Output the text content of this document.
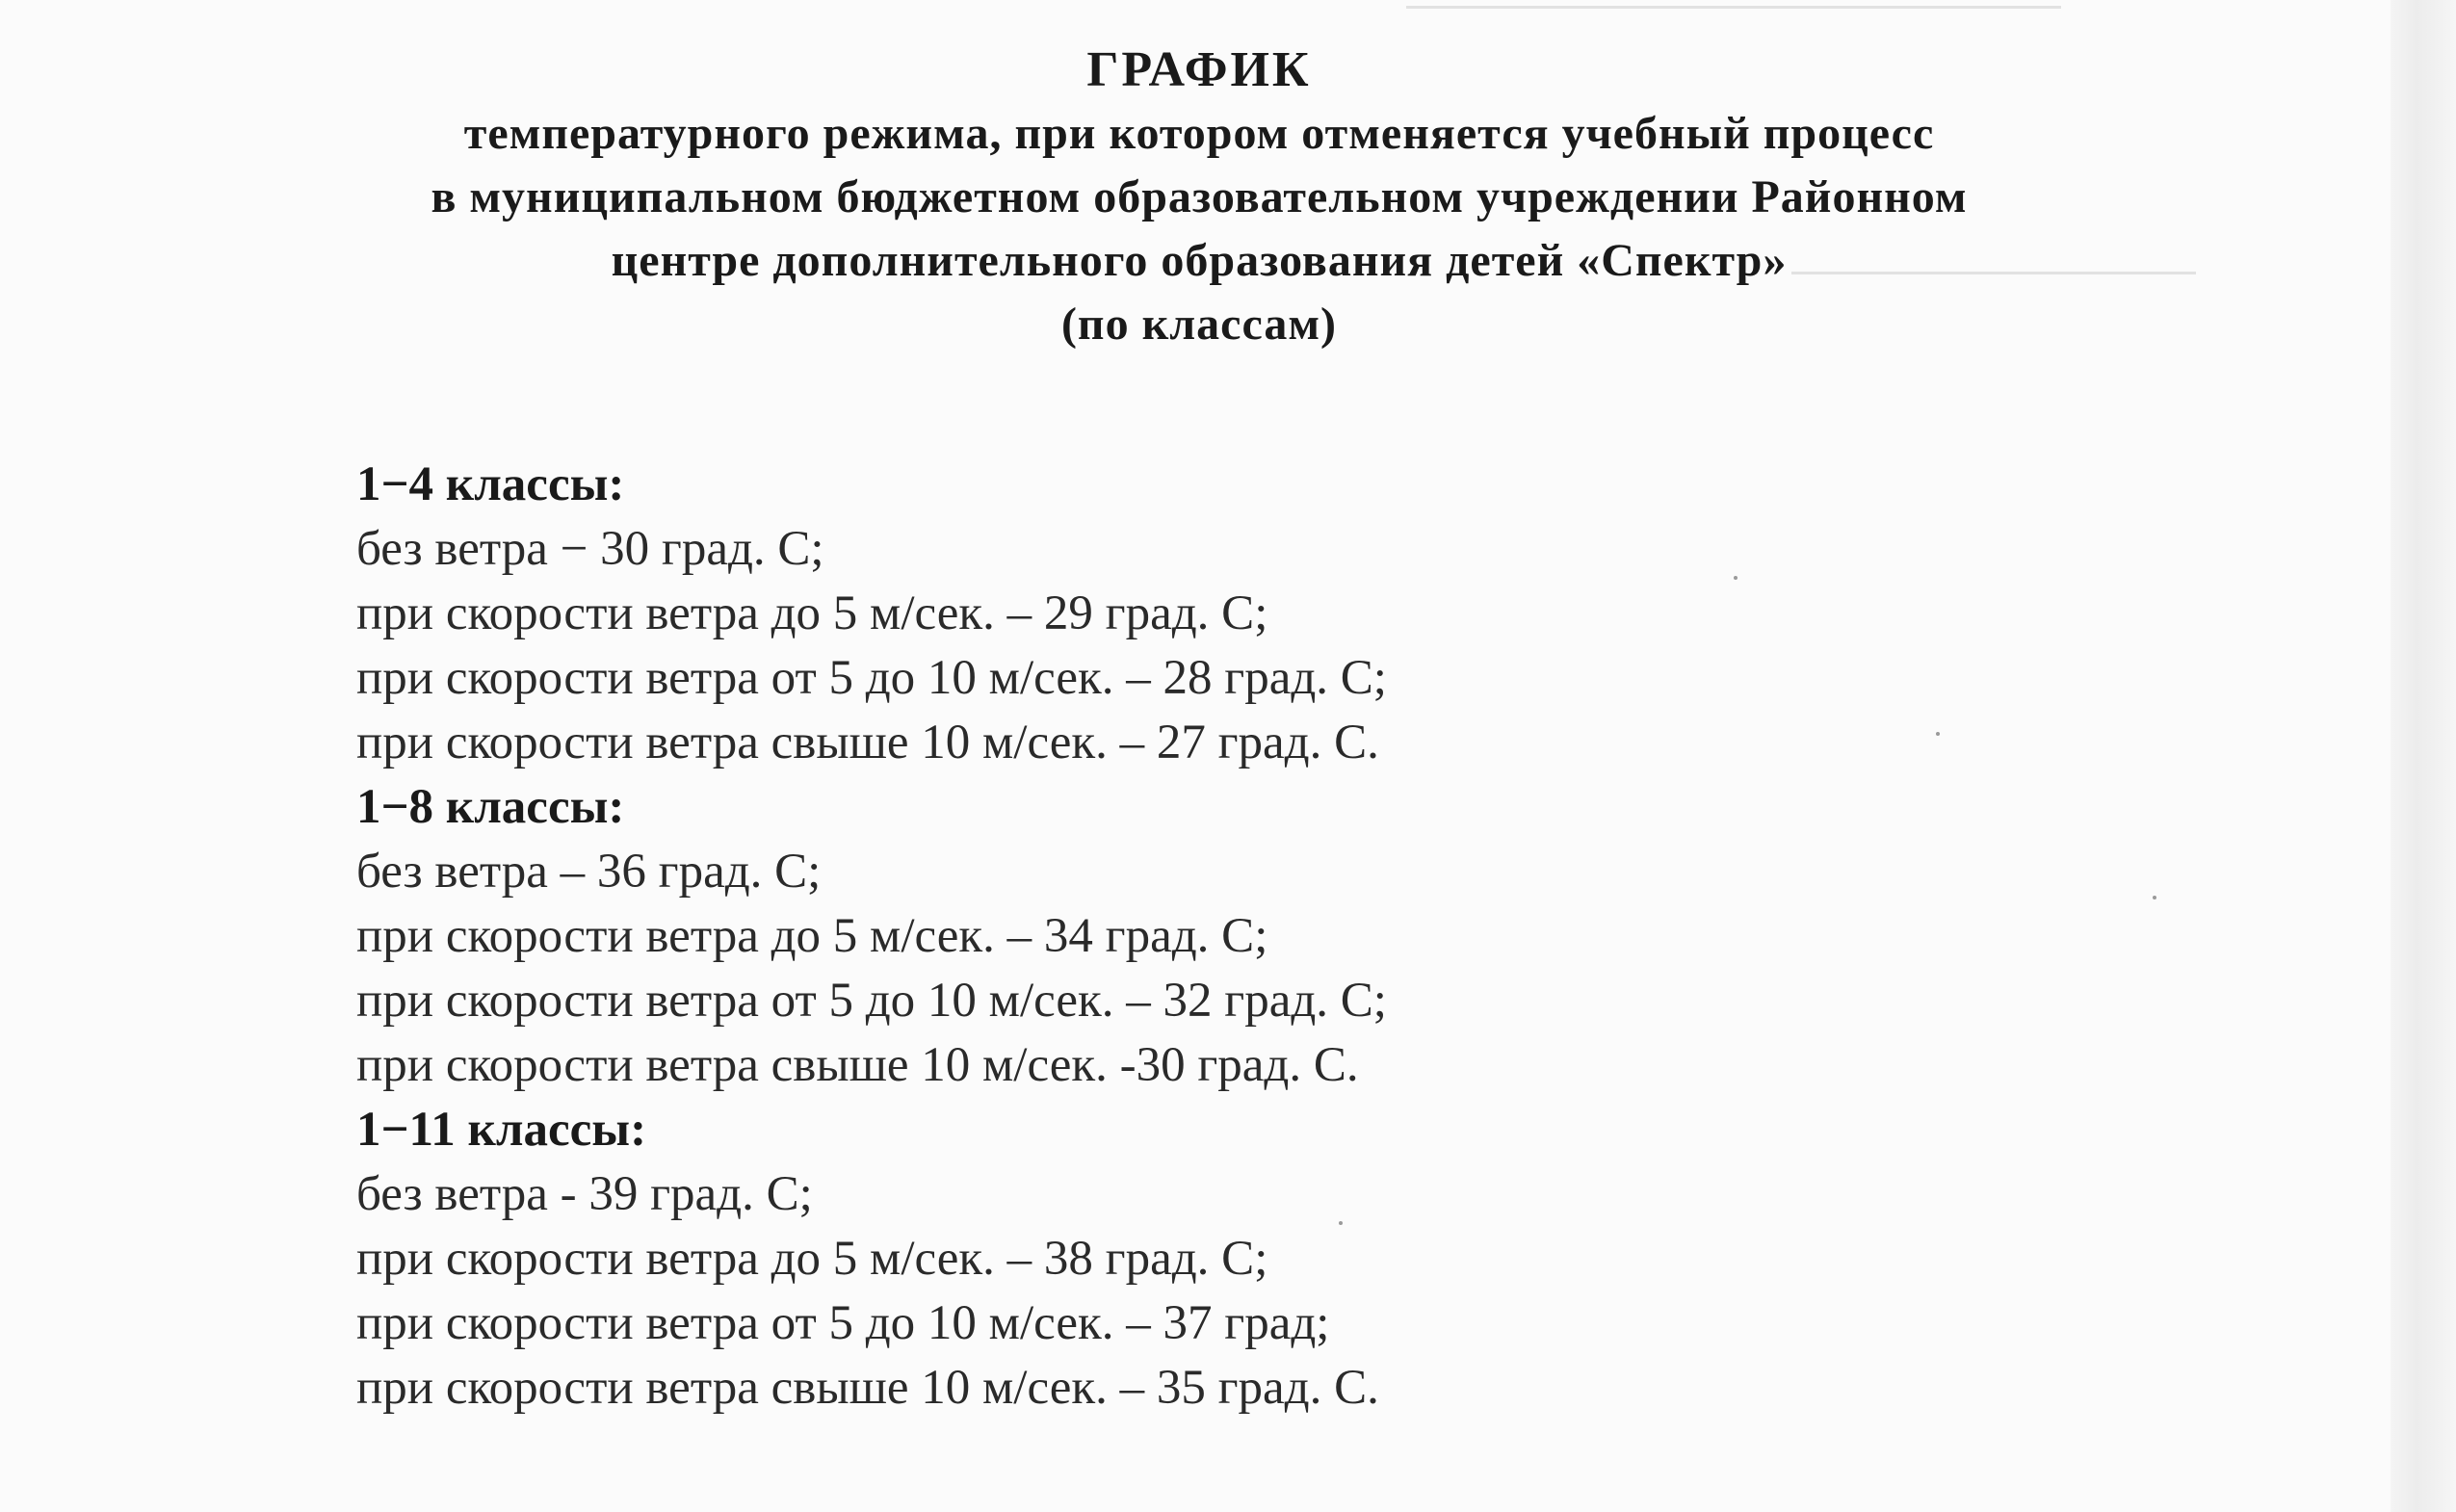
ГРАФИК
температурного режима, при котором отменяется учебный процесс
в муниципальном бюджетном образовательном учреждении Районном
центре дополнительного образования детей «Спектр»
(по классам)
1−4 классы:
без ветра − 30 град. С;
при скорости ветра до 5 м/сек. – 29 град. С;
при скорости ветра от 5 до 10 м/сек. – 28 град. С;
при скорости ветра свыше 10 м/сек. – 27 град. С.
1−8 классы:
без ветра – 36 град. С;
при скорости ветра до 5 м/сек. – 34 град. С;
при скорости ветра от 5 до 10 м/сек. – 32 град. С;
при скорости ветра свыше 10 м/сек. -30 град. С.
1−11 классы:
без ветра - 39 град. С;
при скорости ветра до 5 м/сек. – 38 град. С;
при скорости ветра от 5 до 10 м/сек. – 37 град;
при скорости ветра свыше 10 м/сек. – 35 град. С.
